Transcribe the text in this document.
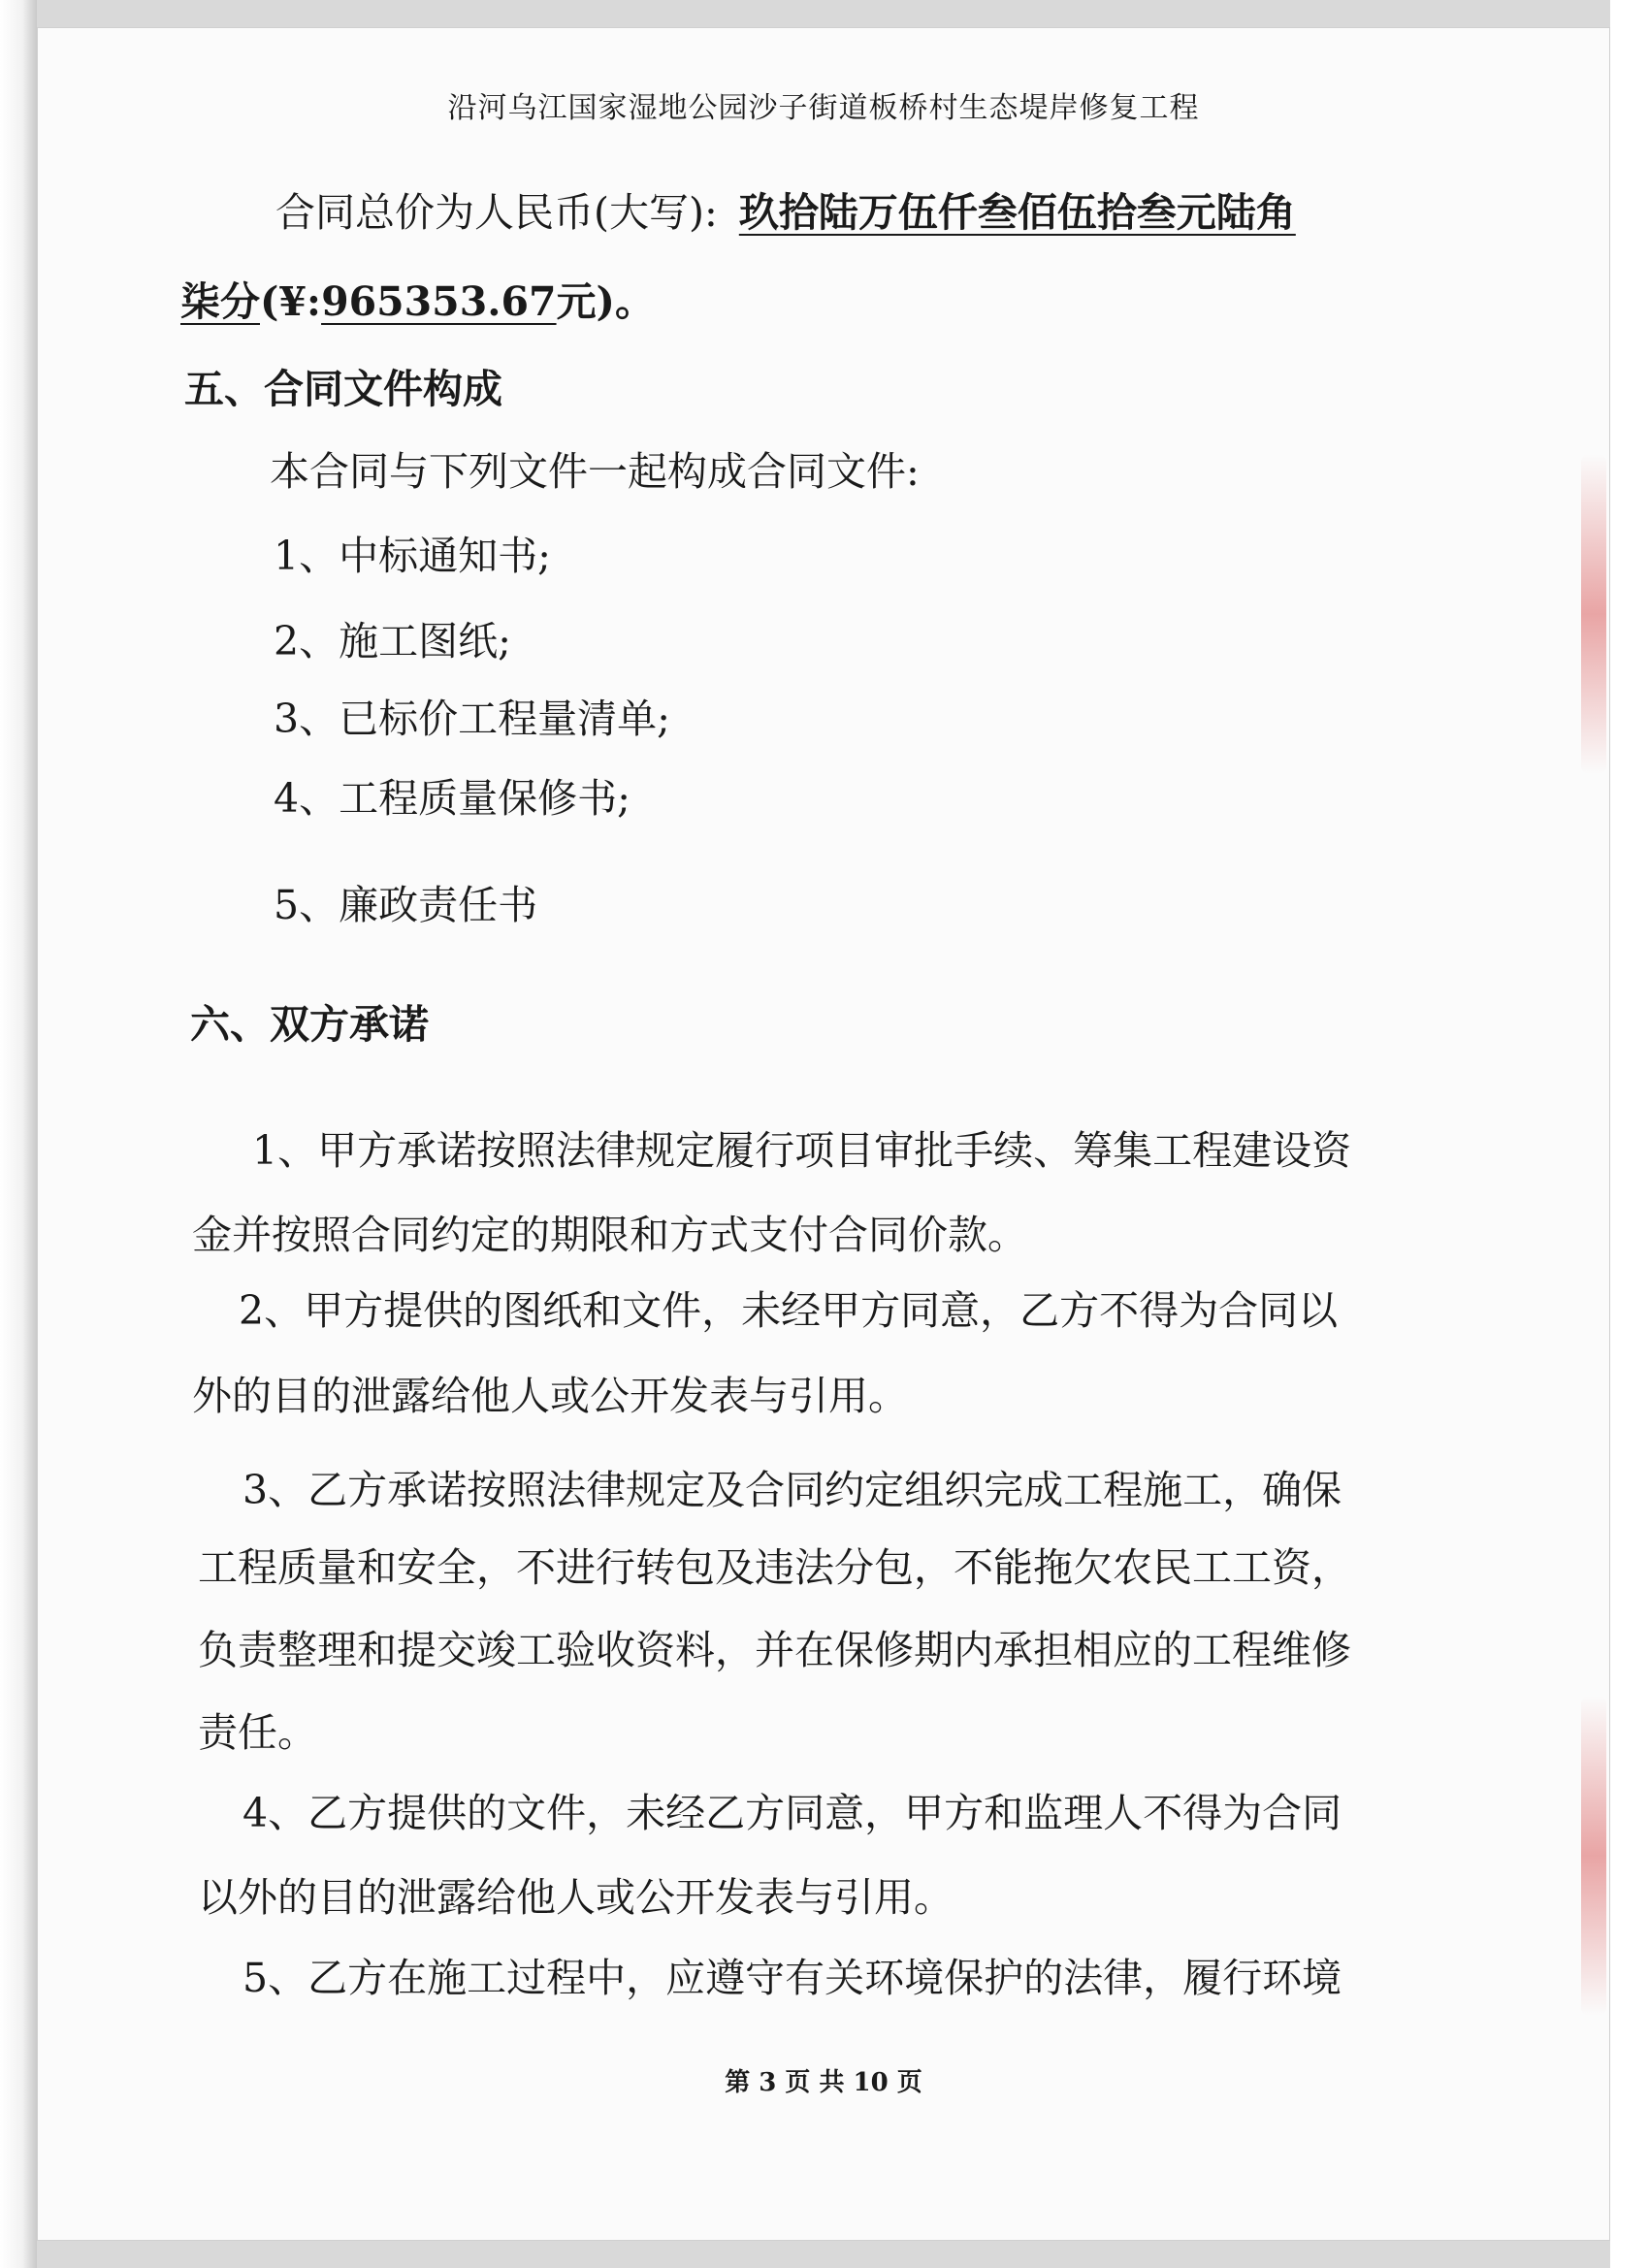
沿河乌江国家湿地公园沙子街道板桥村生态堤岸修复工程
合同总价为人民币(大写): 玖拾陆万伍仟叁佰伍拾叁元陆角
柒分(¥:965353.67元)。
五、合同文件构成
本合同与下列文件一起构成合同文件:
1、中标通知书;
2、施工图纸;
3、已标价工程量清单;
4、工程质量保修书;
5、廉政责任书
六、双方承诺
1、甲方承诺按照法律规定履行项目审批手续、筹集工程建设资
金并按照合同约定的期限和方式支付合同价款。
2、甲方提供的图纸和文件，未经甲方同意，乙方不得为合同以
外的目的泄露给他人或公开发表与引用。
3、乙方承诺按照法律规定及合同约定组织完成工程施工，确保
工程质量和安全，不进行转包及违法分包，不能拖欠农民工工资，
负责整理和提交竣工验收资料，并在保修期内承担相应的工程维修
责任。
4、乙方提供的文件，未经乙方同意，甲方和监理人不得为合同
以外的目的泄露给他人或公开发表与引用。
5、乙方在施工过程中，应遵守有关环境保护的法律，履行环境
第 3 页 共 10 页
